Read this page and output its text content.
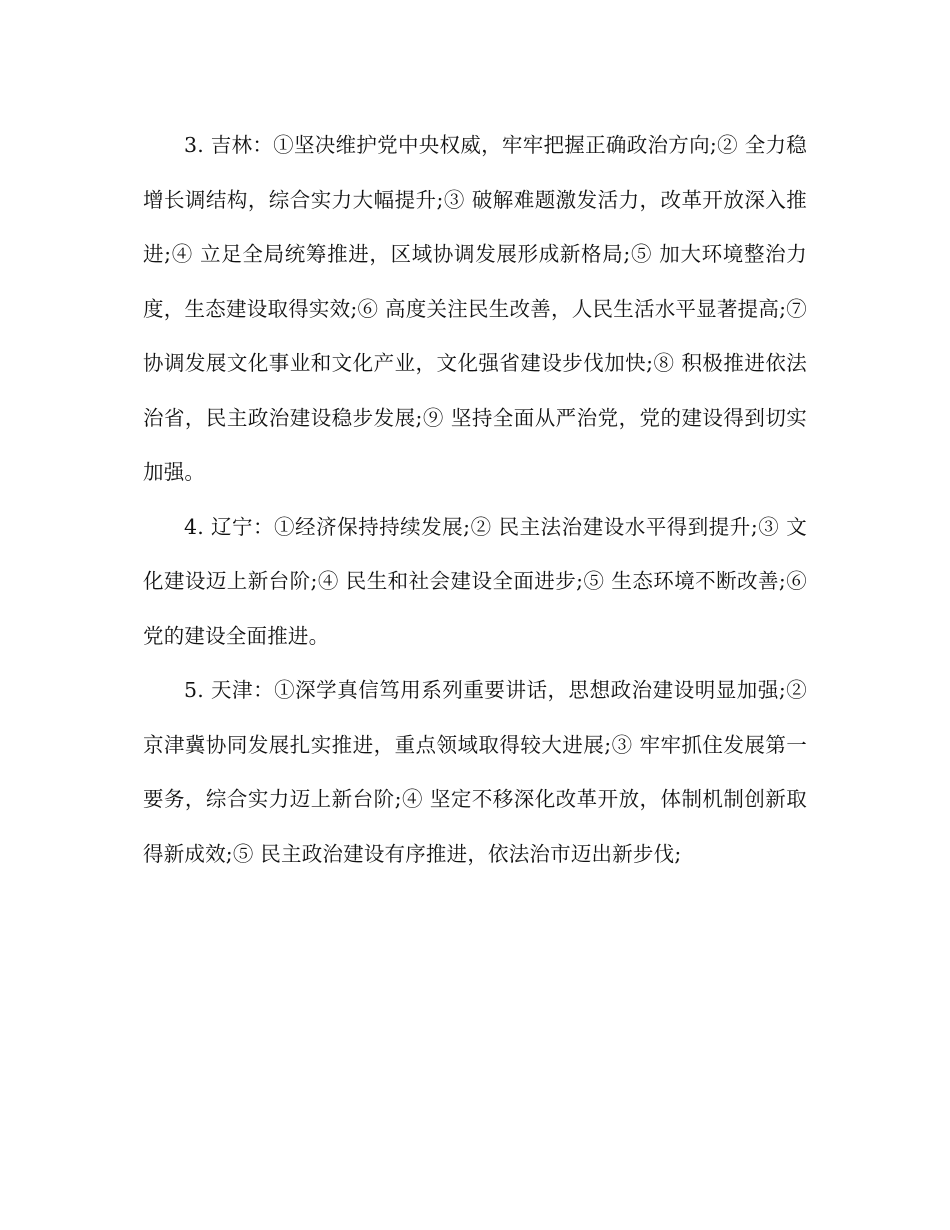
3. 吉林：①坚决维护党中央权威，牢牢把握正确政治方向;② 全力稳增长调结构，综合实力大幅提升;③ 破解难题激发活力，改革开放深入推进;④ 立足全局统筹推进，区域协调发展形成新格局;⑤ 加大环境整治力度，生态建设取得实效;⑥ 高度关注民生改善，人民生活水平显著提高;⑦ 协调发展文化事业和文化产业，文化强省建设步伐加快;⑧ 积极推进依法治省，民主政治建设稳步发展;⑨ 坚持全面从严治党，党的建设得到切实加强。

4. 辽宁：①经济保持持续发展;② 民主法治建设水平得到提升;③ 文化建设迈上新台阶;④ 民生和社会建设全面进步;⑤ 生态环境不断改善;⑥ 党的建设全面推进。

5. 天津：①深学真信笃用系列重要讲话，思想政治建设明显加强;② 京津冀协同发展扎实推进，重点领域取得较大进展;③ 牢牢抓住发展第一要务，综合实力迈上新台阶;④ 坚定不移深化改革开放，体制机制创新取得新成效;⑤ 民主政治建设有序推进，依法治市迈出新步伐;
